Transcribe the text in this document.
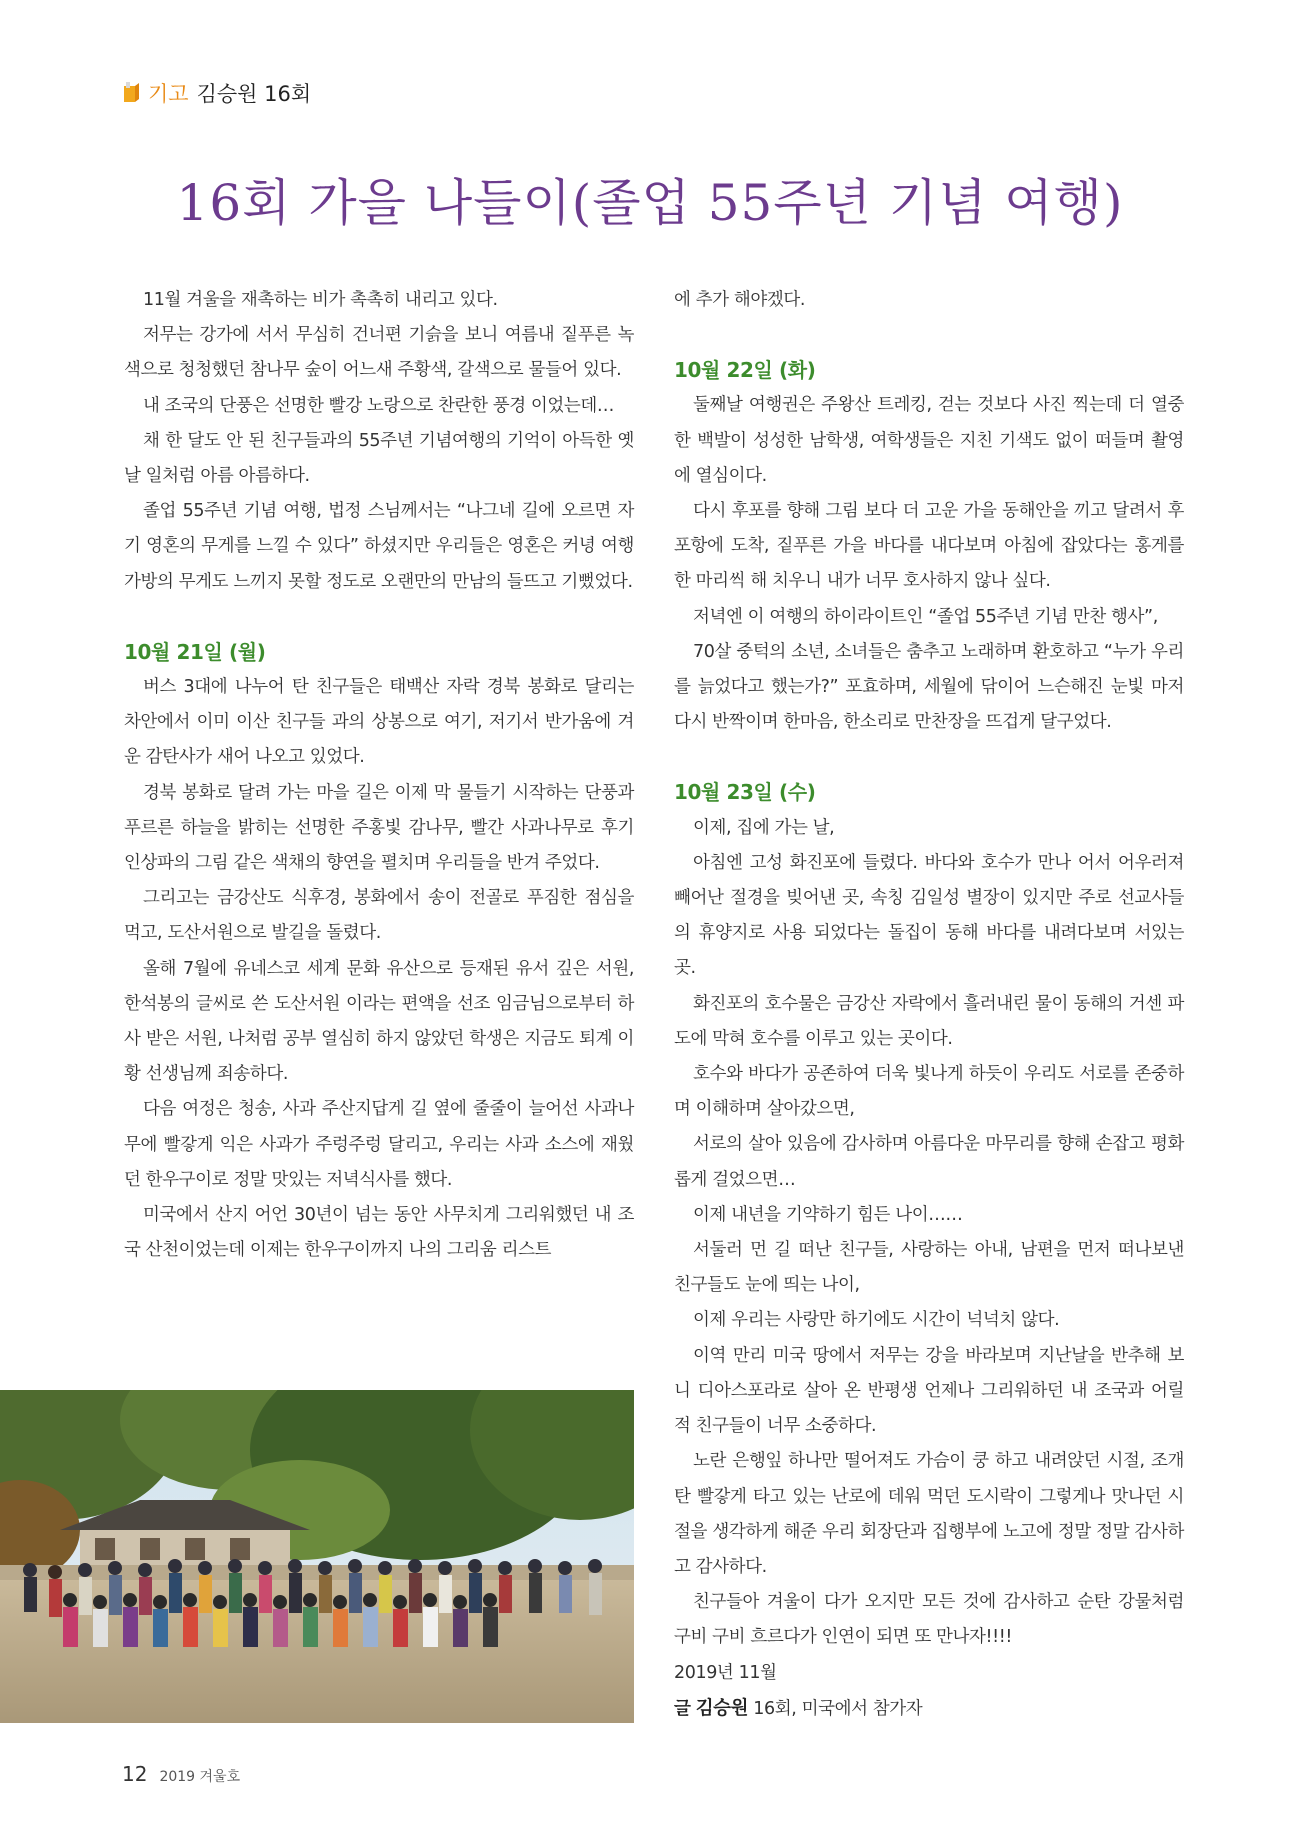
기고 김승원 16회
16회 가을 나들이(졸업 55주년 기념 여행)

11월 겨울을 재촉하는 비가 촉촉히 내리고 있다.

저무는 강가에 서서 무심히 건너편 기슭을 보니 여름내 짙푸른 녹색으로 청청했던 참나무 숲이 어느새 주황색, 갈색으로 물들어 있다.

내 조국의 단풍은 선명한 빨강 노랑으로 찬란한 풍경 이었는데…

채 한 달도 안 된 친구들과의 55주년 기념여행의 기억이 아득한 옛날 일처럼 아름 아름하다.

졸업 55주년 기념 여행, 법정 스님께서는 “나그네 길에 오르면 자기 영혼의 무게를 느낄 수 있다” 하셨지만 우리들은 영혼은 커녕 여행 가방의 무게도 느끼지 못할 정도로 오랜만의 만남의 들뜨고 기뻤었다.

10월 21일 (월)

버스 3대에 나누어 탄 친구들은 태백산 자락 경북 봉화로 달리는 차안에서 이미 이산 친구들 과의 상봉으로 여기, 저기서 반가움에 겨운 감탄사가 새어 나오고 있었다.

경북 봉화로 달려 가는 마을 길은 이제 막 물들기 시작하는 단풍과 푸르른 하늘을 밝히는 선명한 주홍빛 감나무, 빨간 사과나무로 후기 인상파의 그림 같은 색채의 향연을 펼치며 우리들을 반겨 주었다.

그리고는 금강산도 식후경, 봉화에서 송이 전골로 푸짐한 점심을 먹고, 도산서원으로 발길을 돌렸다.

올해 7월에 유네스코 세계 문화 유산으로 등재된 유서 깊은 서원, 한석봉의 글씨로 쓴 도산서원 이라는 편액을 선조 임금님으로부터 하사 받은 서원, 나처럼 공부 열심히 하지 않았던 학생은 지금도 퇴계 이황 선생님께 죄송하다.

다음 여정은 청송, 사과 주산지답게 길 옆에 줄줄이 늘어선 사과나무에 빨갛게 익은 사과가 주렁주렁 달리고, 우리는 사과 소스에 재웠던 한우구이로 정말 맛있는 저녁식사를 했다.

미국에서 산지 어언 30년이 넘는 동안 사무치게 그리워했던 내 조국 산천이었는데 이제는 한우구이까지 나의 그리움 리스트

에 추가 해야겠다.

10월 22일 (화)

둘째날 여행권은 주왕산 트레킹, 걷는 것보다 사진 찍는데 더 열중한 백발이 성성한 남학생, 여학생들은 지친 기색도 없이 떠들며 촬영에 열심이다.

다시 후포를 향해 그림 보다 더 고운 가을 동해안을 끼고 달려서 후포항에 도착, 짙푸른 가을 바다를 내다보며 아침에 잡았다는 홍게를 한 마리씩 해 치우니 내가 너무 호사하지 않나 싶다.

저녁엔 이 여행의 하이라이트인 “졸업 55주년 기념 만찬 행사”,

70살 중턱의 소년, 소녀들은 춤추고 노래하며 환호하고 “누가 우리를 늙었다고 했는가?” 포효하며, 세월에 닦이어 느슨해진 눈빛 마저 다시 반짝이며 한마음, 한소리로 만찬장을 뜨겁게 달구었다.

10월 23일 (수)

이제, 집에 가는 날,

아침엔 고성 화진포에 들렸다. 바다와 호수가 만나 어서 어우러져 빼어난 절경을 빚어낸 곳, 속칭 김일성 별장이 있지만 주로 선교사들의 휴양지로 사용 되었다는 돌집이 동해 바다를 내려다보며 서있는 곳.

화진포의 호수물은 금강산 자락에서 흘러내린 물이 동해의 거센 파도에 막혀 호수를 이루고 있는 곳이다.

호수와 바다가 공존하여 더욱 빛나게 하듯이 우리도 서로를 존중하며 이해하며 살아갔으면,

서로의 살아 있음에 감사하며 아름다운 마무리를 향해 손잡고 평화롭게 걸었으면…

이제 내년을 기약하기 힘든 나이……

서둘러 먼 길 떠난 친구들, 사랑하는 아내, 남편을 먼저 떠나보낸 친구들도 눈에 띄는 나이,

이제 우리는 사랑만 하기에도 시간이 넉넉치 않다.

이역 만리 미국 땅에서 저무는 강을 바라보며 지난날을 반추해 보니 디아스포라로 살아 온 반평생 언제나 그리워하던 내 조국과 어릴 적 친구들이 너무 소중하다.

노란 은행잎 하나만 떨어져도 가슴이 쿵 하고 내려앉던 시절, 조개탄 빨갛게 타고 있는 난로에 데워 먹던 도시락이 그렇게나 맛나던 시절을 생각하게 해준 우리 회장단과 집행부에 노고에 정말 정말 감사하고 감사하다.

친구들아 겨울이 다가 오지만 모든 것에 감사하고 순탄 강물처럼 구비 구비 흐르다가 인연이 되면 또 만나자!!!!

2019년 11월

글 김승원 16회, 미국에서 참가자

12 2019 겨울호
